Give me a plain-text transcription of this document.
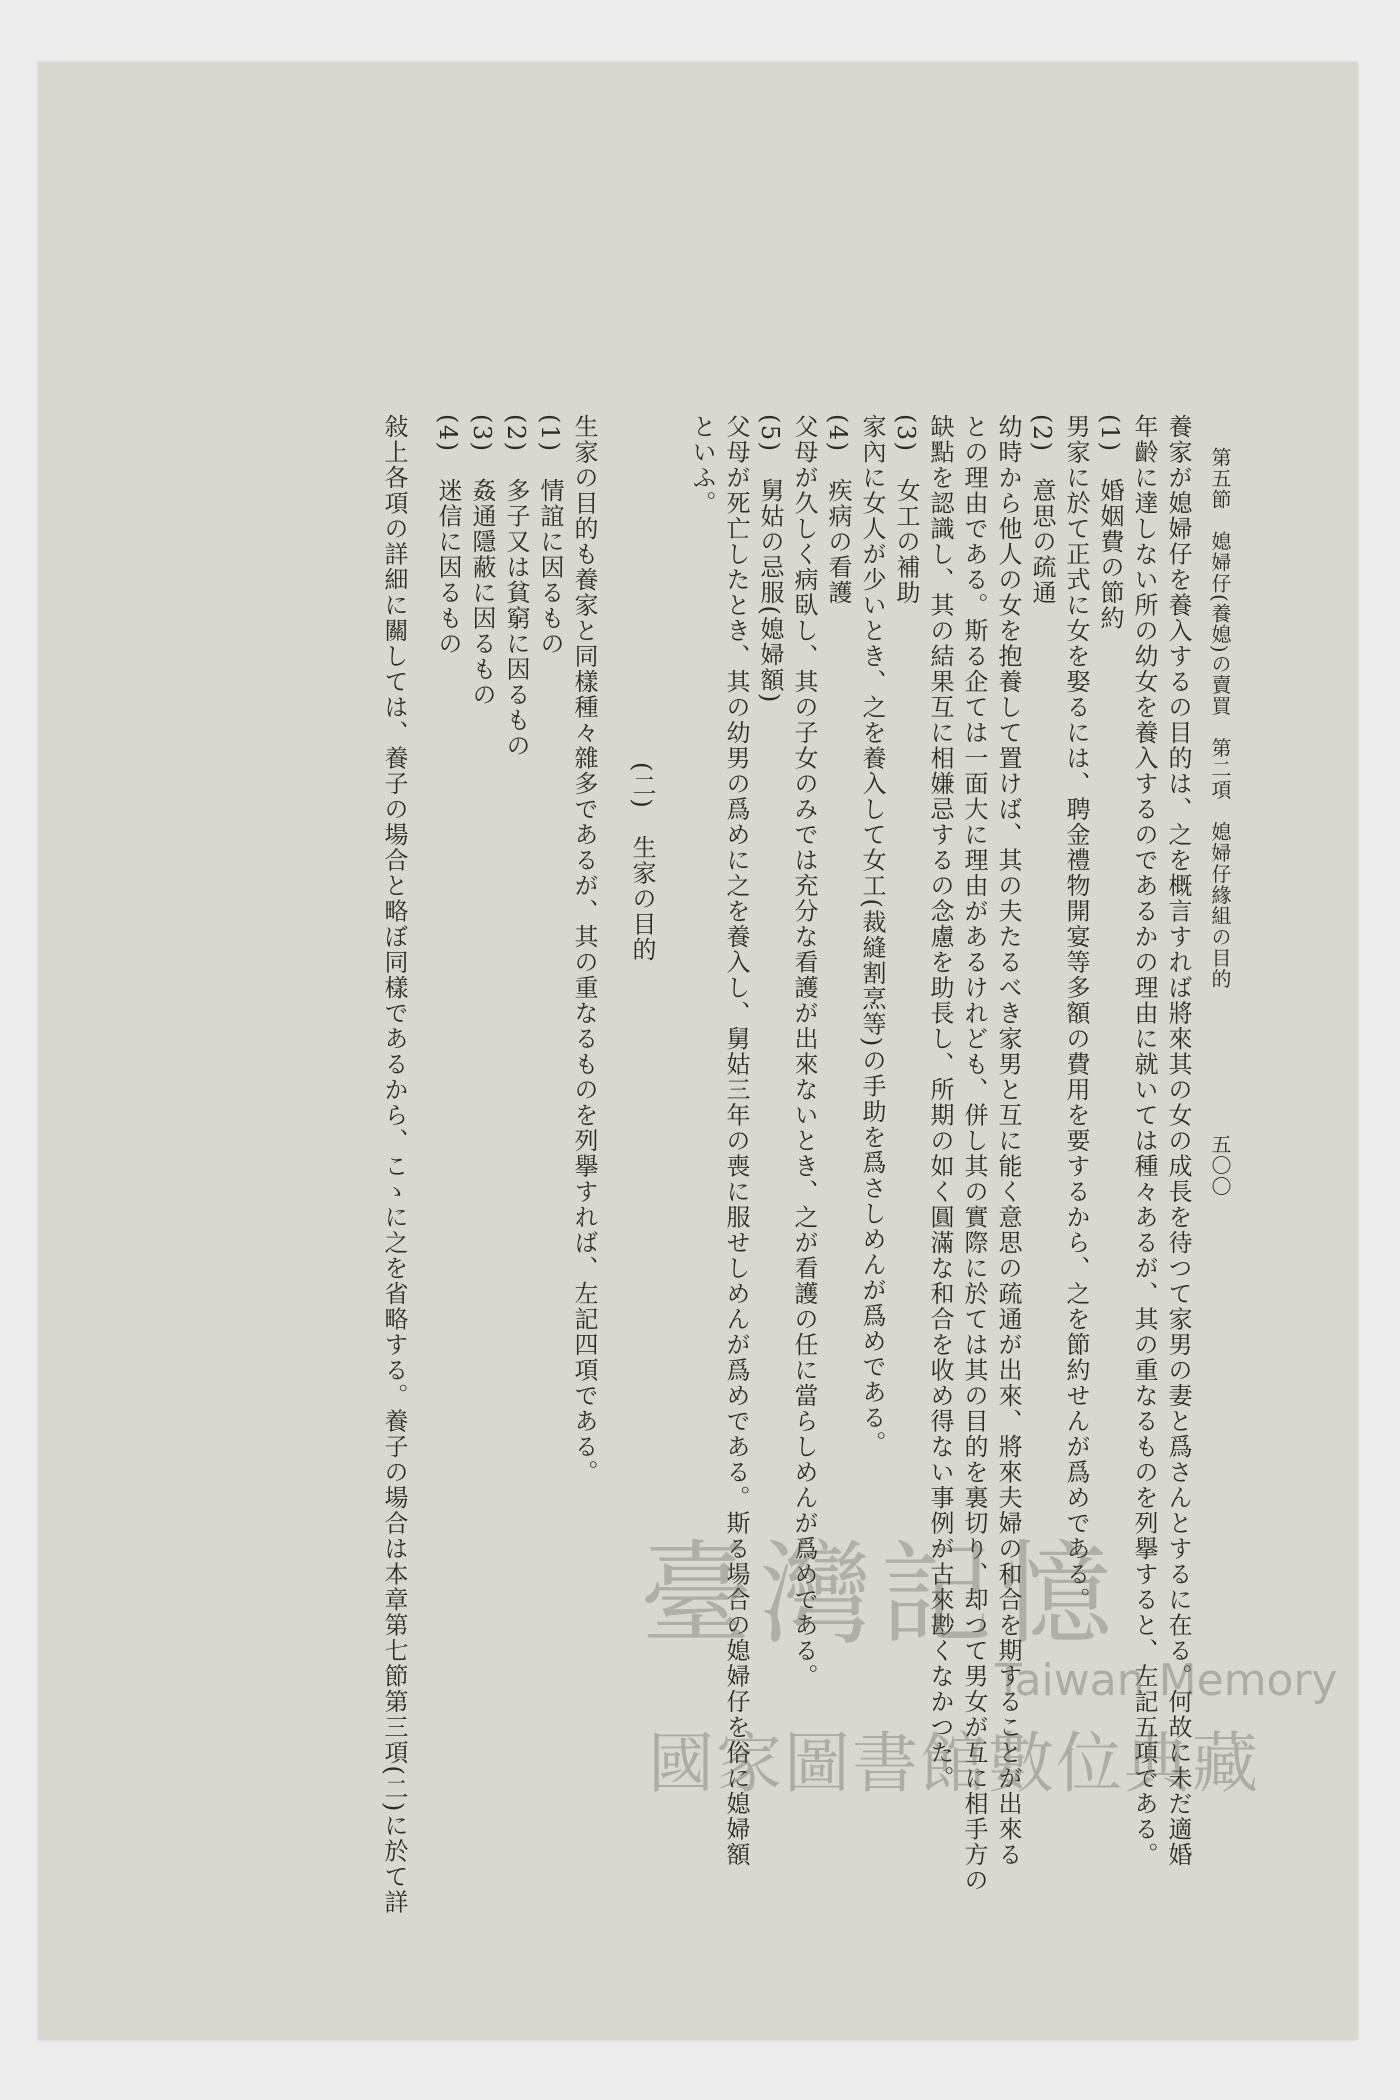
第五節　媳婦仔(養媳)の賣買　第二項　媳婦仔緣組の目的
五〇〇
養家が媳婦仔を養入するの目的は、之を概言すれば將來其の女の成長を待つて家男の妻と爲さんとするに在る。何故に未だ適婚
年齡に達しない所の幼女を養入するのであるかの理由に就いては種々あるが、其の重なるものを列擧すると、左記五項である。
(1)　婚姻費の節約
男家に於て正式に女を娶るには、聘金禮物開宴等多額の費用を要するから、之を節約せんが爲めである。
(2)　意思の疏通
幼時から他人の女を抱養して置けば、其の夫たるべき家男と互に能く意思の疏通が出來、將來夫婦の和合を期することが出來る
との理由である。斯る企ては一面大に理由があるけれども、併し其の實際に於ては其の目的を裏切り、却つて男女が互に相手方の
缺點を認識し、其の結果互に相嫌忌するの念慮を助長し、所期の如く圓滿な和合を收め得ない事例が古來尠くなかつた。
(3)　女工の補助
家內に女人が少いとき、之を養入して女工(裁縫割烹等)の手助を爲さしめんが爲めである。
(4)　疾病の看護
父母が久しく病臥し、其の子女のみでは充分な看護が出來ないとき、之が看護の任に當らしめんが爲めである。
(5)　舅姑の忌服(媳婦額)
父母が死亡したとき、其の幼男の爲めに之を養入し、舅姑三年の喪に服せしめんが爲めである。斯る場合の媳婦仔を俗に媳婦額
といふ。
(二)　生家の目的
生家の目的も養家と同樣種々雜多であるが、其の重なるものを列擧すれば、左記四項である。
(1)　情誼に因るもの
(2)　多子又は貧窮に因るもの
(3)　姦通隱蔽に因るもの
(4)　迷信に因るもの
敍上各項の詳細に關しては、養子の場合と略ぼ同樣であるから、こゝに之を省略する。養子の場合は本章第七節第三項(二)に於て詳 臺灣記憶
Taiwan Memory
國家圖書館數位典藏
